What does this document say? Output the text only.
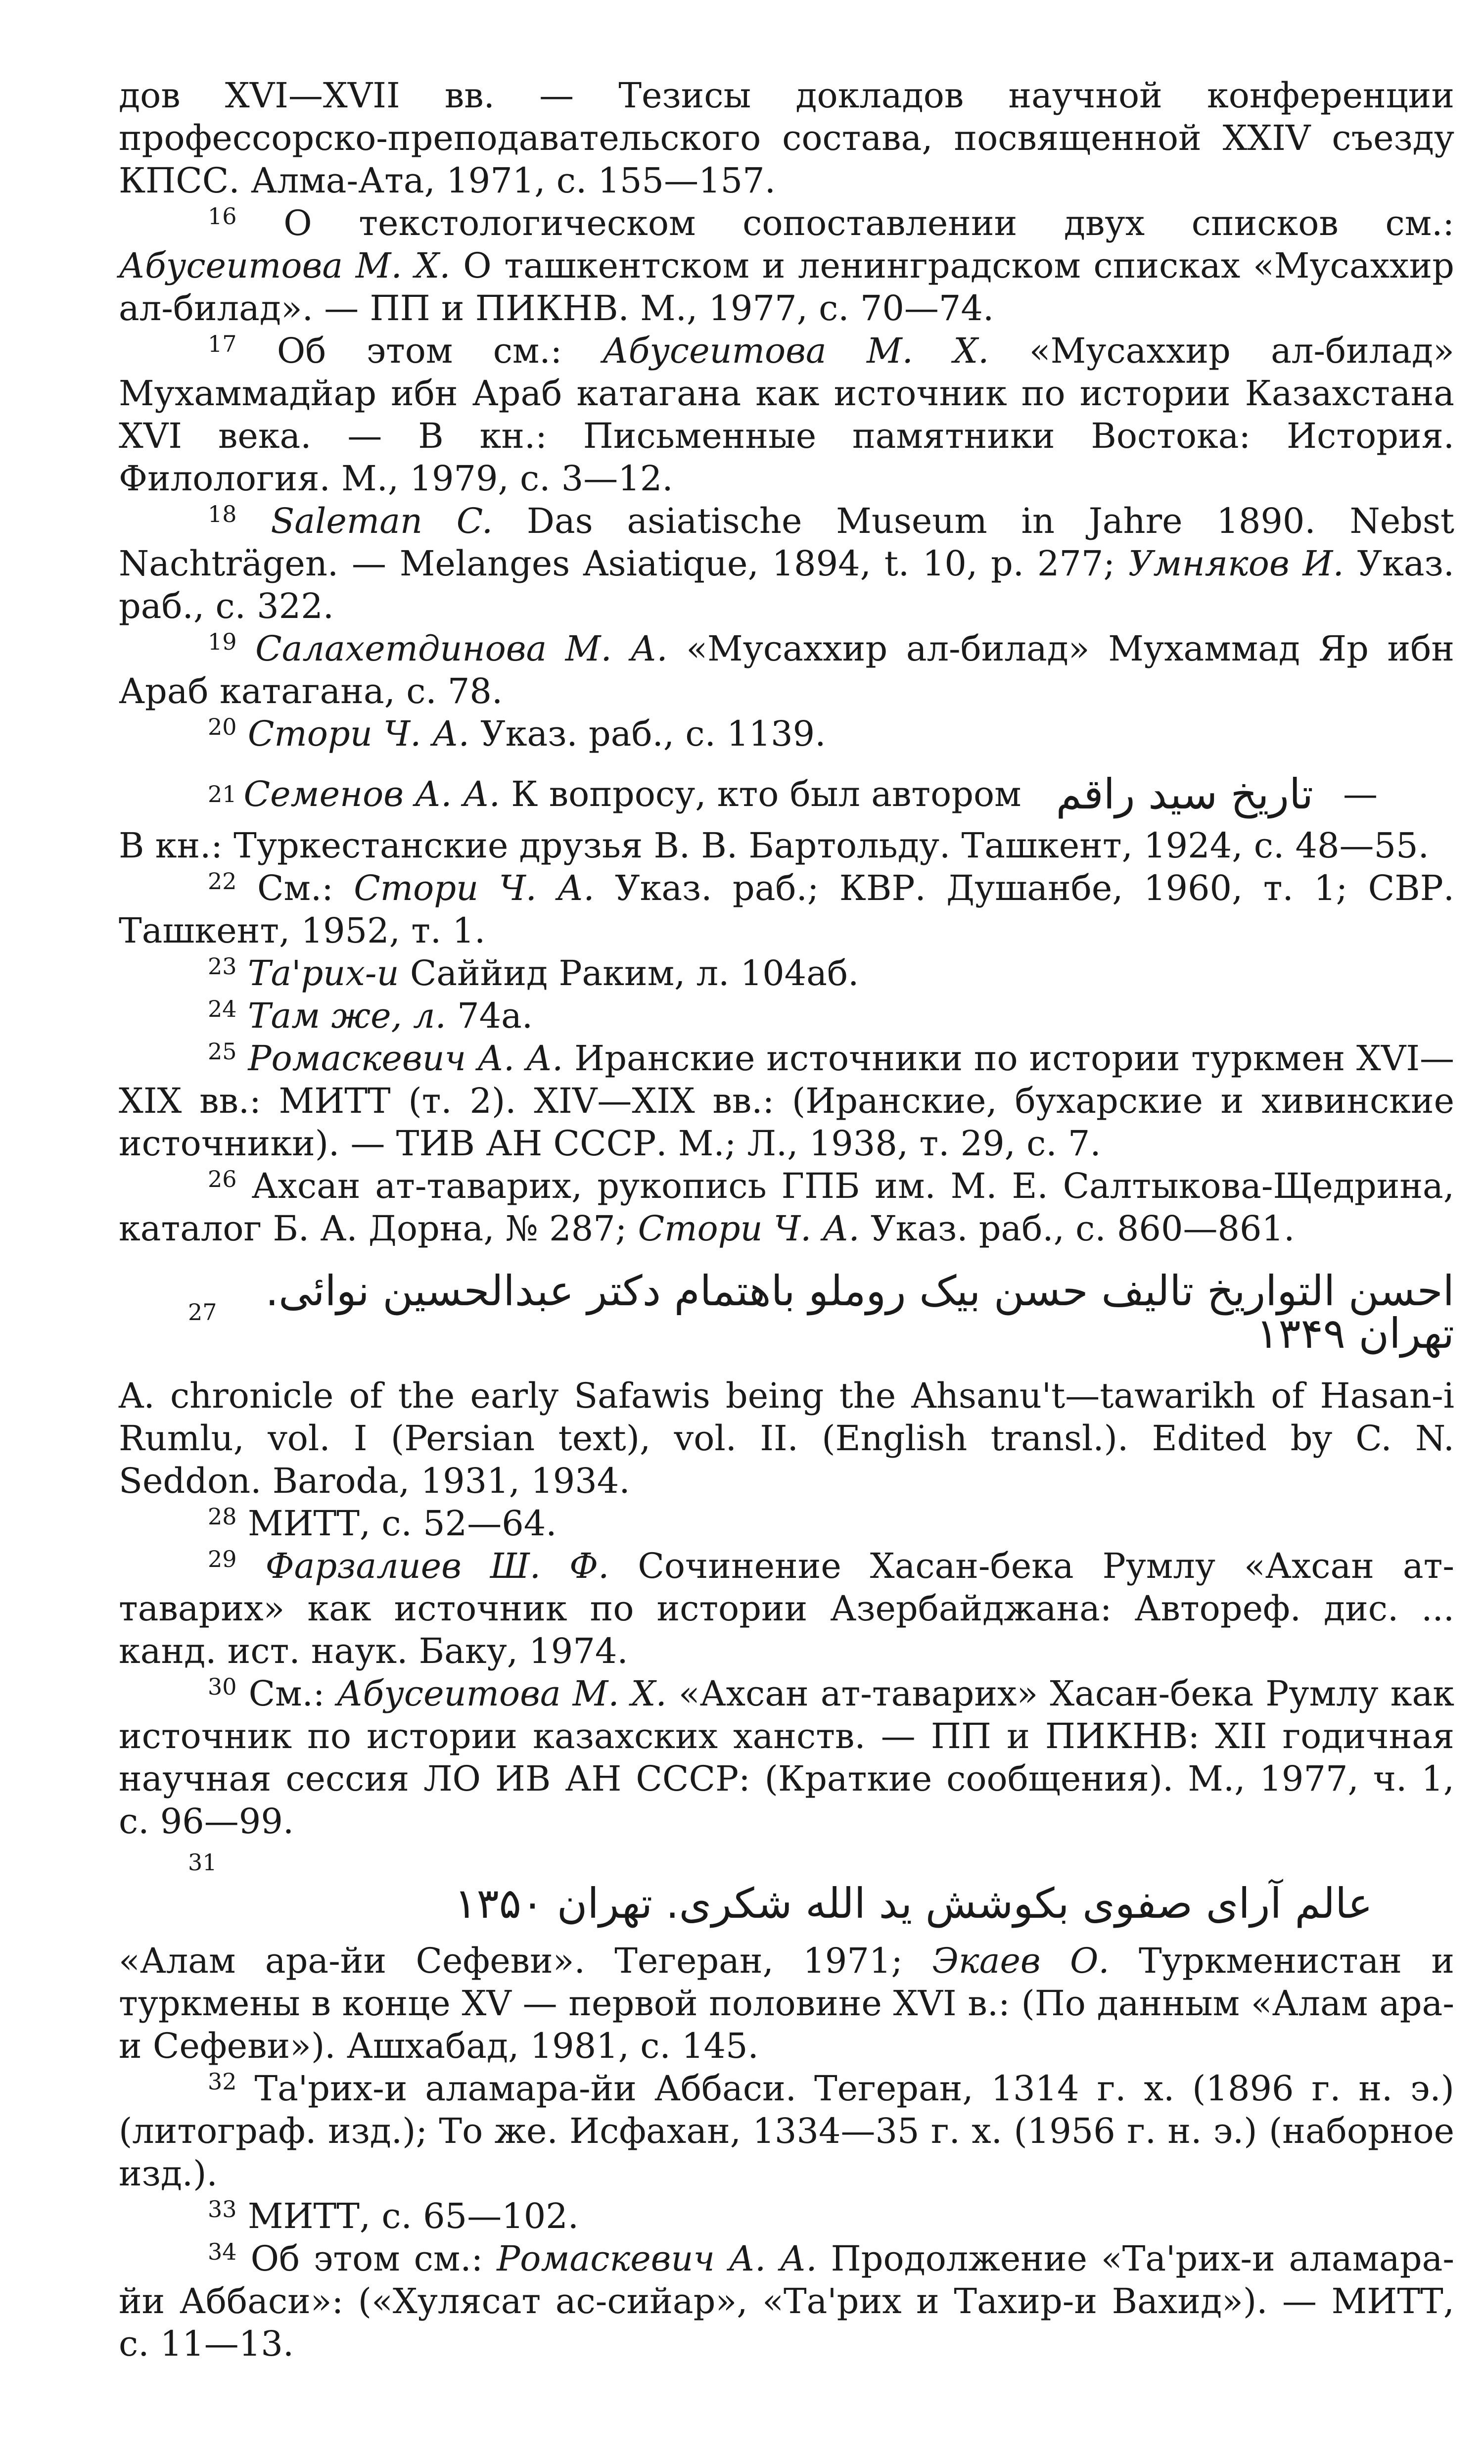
дов XVI—XVII вв. — Тезисы докладов научной конференции профессорско-преподавательского состава, посвященной XXIV съезду КПСС. Алма-Ата, 1971, с. 155—157.

$^{16}$ О текстологическом сопоставлении двух списков см.: Абусеитова М. Х. О ташкентском и ленинградском списках «Мусаххир ал-билад». — ПП и ПИКНВ. М., 1977, с. 70—74.

$^{17}$ Об этом см.: Абусеитова М. Х. «Мусаххир ал-билад» Мухаммадйар ибн Араб катагана как источник по истории Казахстана XVI века. — В кн.: Письменные памятники Востока: История. Филология. М., 1979, с. 3—12.

$^{18}$ Saleman C. Das asiatische Museum in Jahre 1890. Nebst Nachträgen. — Melanges Asiatique, 1894, t. 10, p. 277; Умняков И. Указ. раб., с. 322.

$^{19}$ Салахетдинова М. А. «Мусаххир ал-билад» Мухаммад Яр ибн Араб катагана, с. 78.

$^{20}$ Стори Ч. А. Указ. раб., с. 1139.

21 Семенов А. А. К вопросу, кто был автором تاریخ سید راقم —

В кн.: Туркестанские друзья В. В. Бартольду. Ташкент, 1924, с. 48—55.

$^{22}$ См.: Стори Ч. А. Указ. раб.; КВР. Душанбе, 1960, т. 1; СВР. Ташкент, 1952, т. 1.

$^{23}$ Та'рих-и Саййид Раким, л. 104аб.

$^{24}$ Там же, л. 74а.

$^{25}$ Ромаскевич А. А. Иранские источники по истории туркмен XVI—XIX вв.: МИТТ (т. 2). XIV—XIX вв.: (Иранские, бухарские и хивинские источники). — ТИВ АН СССР. М.; Л., 1938, т. 29, с. 7.

$^{26}$ Ахсан ат-таварих, рукопись ГПБ им. М. Е. Салтыкова-Щедрина, каталог Б. А. Дорна, № 287; Стори Ч. А. Указ. раб., с. 860—861.

27	احسن التواریخ تالیف حسن بیک روملو باهتمام دکتر عبدالحسین نوائی. تهران ۱۳۴۹

A. chronicle of the early Safawis being the Ahsanu't—tawarikh of Hasan-i Rumlu, vol. I (Persian text), vol. II. (English transl.). Edited by C. N. Seddon. Baroda, 1931, 1934.

$^{28}$ МИТТ, с. 52—64.

$^{29}$ Фарзалиев Ш. Ф. Сочинение Хасан-бека Румлу «Ахсан ат-таварих» как источник по истории Азербайджана: Автореф. дис. ... канд. ист. наук. Баку, 1974.

$^{30}$ См.: Абусеитова М. Х. «Ахсан ат-таварих» Хасан-бека Румлу как источник по истории казахских ханств. — ПП и ПИКНВ: XII годичная научная сессия ЛО ИВ АН СССР: (Краткие сообщения). М., 1977, ч. 1, с. 96—99.

31
عالم آرای صفوی بکوشش ید الله شکری. تهران ۱۳۵۰

«Алам ара-йи Сефеви». Тегеран, 1971; Экаев О. Туркменистан и туркмены в конце XV — первой половине XVI в.: (По данным «Алам ара-и Сефеви»). Ашхабад, 1981, с. 145.

$^{32}$ Та'рих-и аламара-йи Аббаси. Тегеран, 1314 г. х. (1896 г. н. э.) (литограф. изд.); То же. Исфахан, 1334—35 г. х. (1956 г. н. э.) (наборное изд.).

$^{33}$ МИТТ, с. 65—102.

$^{34}$ Об этом см.: Ромаскевич А. А. Продолжение «Та'рих-и аламара-йи Аббаси»: («Хулясат ас-сийар», «Та'рих и Тахир-и Вахид»). — МИТТ, с. 11—13.
